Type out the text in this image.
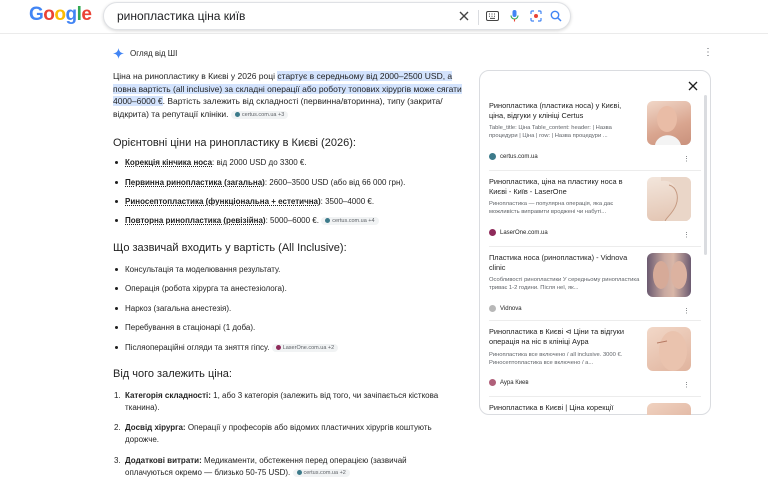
Google ринопластика ціна київ
Огляд від ШІ	⋮
Ціна на ринопластику в Києві у 2026 році стартує в середньому від 2000–2500 USD, а повна вартість (all inclusive) за складні операції або роботу топових хірургів може сягати 4000–6000 €. Вартість залежить від складності (первинна/вторинна), типу (закрита/відкрита) та репутації клініки. certus.com.ua +3
Орієнтовні ціни на ринопластику в Києві (2026):
Корекція кінчика носа: від 2000 USD до 3300 €.
Первинна ринопластика (загальна): 2600–3500 USD (або від 66 000 грн).
Риносептопластика (функціональна + естетична): 3500–4000 €.
Повторна ринопластика (ревізійна): 5000–6000 €. certus.com.ua +4
Що зазвичай входить у вартість (All Inclusive):
Консультація та моделювання результату.
Операція (робота хірурга та анестезіолога).
Наркоз (загальна анестезія).
Перебування в стаціонарі (1 доба).
Післяопераційні огляди та зняття гіпсу. LaserOne.com.ua +2
Від чого залежить ціна:
1. Категорія складності: 1, або 3 категорія (залежить від того, чи зачіпається кісткова тканина).
2. Досвід хірурга: Операції у професорів або відомих пластичних хірургів коштують дорожче.
3. Додаткові витрати: Медикаменти, обстеження перед операцією (зазвичай оплачуються окремо — близько 50-75 USD). certus.com.ua +2
Ринопластика (пластика носа) у Києві, ціна, відгуки у клініці Certus
Table_title: Ціна Table_content: header: | Назва процедури | Ціна | row: | Назва процедури ...
certus.com.ua	⋮
Ринопластика, ціна на пластику носа в Києві - Київ - LaserOne
Ринопластика — популярна операція, яка дає можливість виправити вроджені чи набуті...
LaserOne.com.ua	⋮
Пластика носа (ринопластика) - Vidnova clinic
Особливості ринопластики У середньому ринопластика триває 1-2 години. Після неї, як...
Vidnova	⋮
Ринопластика в Києві ⊲ Ціни та відгуки операція на ніс в клініці Аура
Ринопластика все включено / all inclusive. 3000 €. Риносептопластика все включено / a...
Аура Киев	⋮
Ринопластика в Києві | Ціна корекції
